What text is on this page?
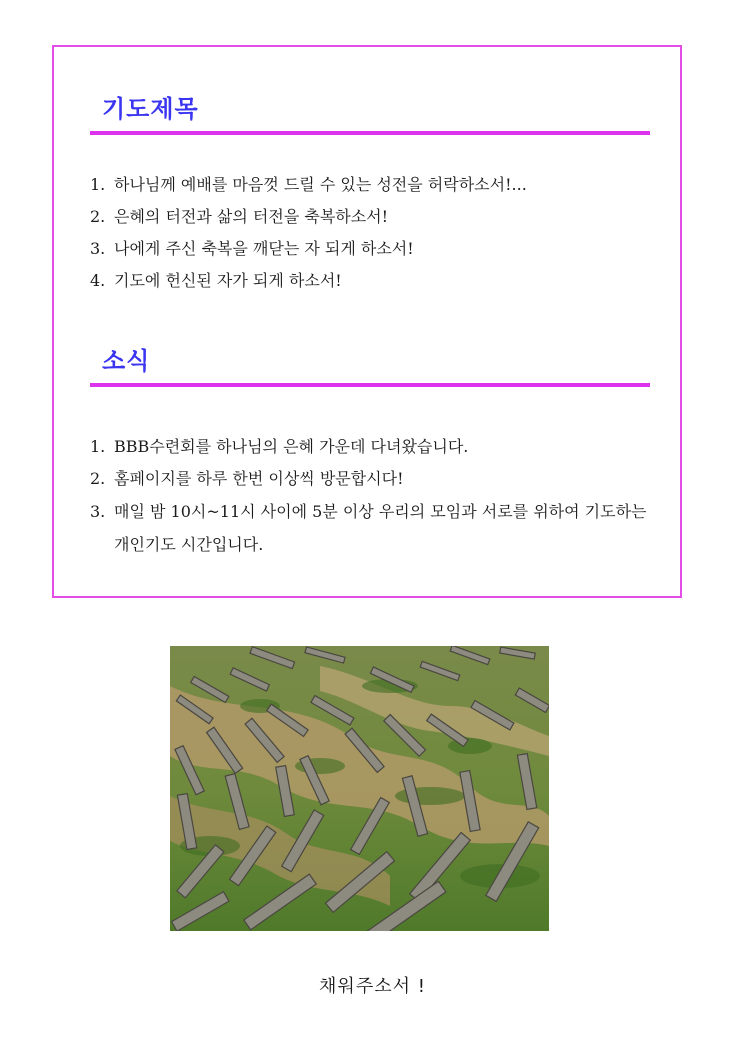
기도제목
1. 하나님께 예배를 마음껏 드릴 수 있는 성전을 허락하소서!...
2. 은혜의 터전과 삶의 터전을 축복하소서!
3. 나에게 주신 축복을 깨닫는 자 되게 하소서!
4. 기도에 헌신된 자가 되게 하소서!
소식
1. BBB수련회를 하나님의 은혜 가운데 다녀왔습니다.
2. 홈페이지를 하루 한번 이상씩 방문합시다!
3. 매일 밤 10시~11시 사이에 5분 이상 우리의 모임과 서로를 위하여 기도하는 개인기도 시간입니다.
채워주소서 !
